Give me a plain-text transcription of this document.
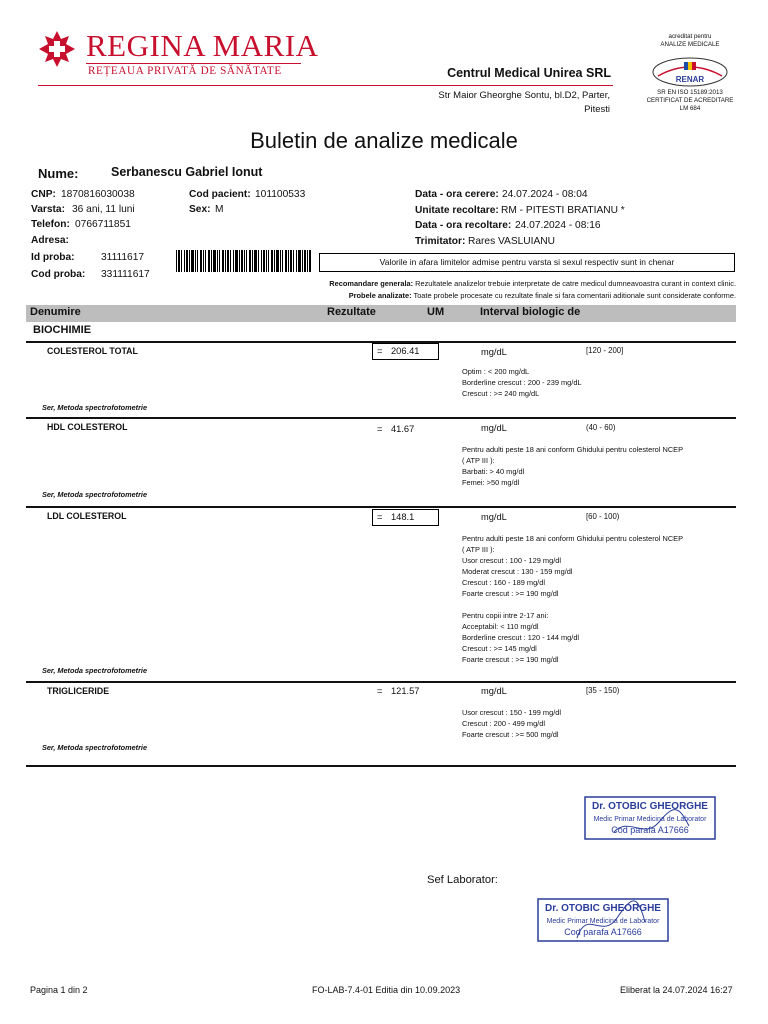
REGINA MARIA
REȚEAUA PRIVATĂ DE SĂNĂTATE	Centrul Medical Unirea SRL
Str Maior Gheorghe Sontu, bl.D2, Parter,
Pitesti
acreditat pentru
ANALIZE MEDICALE
RENAR
SR EN ISO 15189:2013
CERTIFICAT DE ACREDITARE
LM 684
Buletin de analize medicale
Nume:	Serbanescu Gabriel Ionut
CNP: 1870816030038
Varsta: 36 ani, 11 luni
Telefon: 0766711851
Adresa:
Id proba:	31111617
Cod proba: 331111617
Cod pacient: 101100533
Sex: M
Data - ora cerere: 24.07.2024 - 08:04
Unitate recoltare: RM - PITESTI BRATIANU *
Data - ora recoltare: 24.07.2024 - 08:16
Trimitator: Rares VASLUIANU
Valorile in afara limitelor admise pentru varsta si sexul respectiv sunt in chenar
Recomandare generala: Rezultatele analizelor trebuie interpretate de catre medicul dumneavoastra curant in context clinic.
Probele analizate: Toate probele procesate cu rezultate finale si fara comentarii aditionale sunt considerate conforme.
Denumire	Rezultate	UM	Interval biologic de
BIOCHIMIE
COLESTEROL TOTAL	= 206.41	mg/dL	[120 - 200]
Optim : < 200 mg/dL
Borderline crescut : 200 - 239 mg/dL
Crescut : >= 240 mg/dL
Ser, Metoda spectrofotometrie
HDL COLESTEROL	= 41.67	mg/dL	(40 - 60)
Pentru adulti peste 18 ani conform Ghidului pentru colesterol NCEP
( ATP III ):
Barbati: > 40 mg/dl
Femei: >50 mg/dl
Ser, Metoda spectrofotometrie
LDL COLESTEROL	= 148.1	mg/dL	[60 - 100)
Pentru adulti peste 18 ani conform Ghidului pentru colesterol NCEP
( ATP III ):
Usor crescut : 100 - 129 mg/dl
Moderat crescut : 130 - 159 mg/dl
Crescut : 160 - 189 mg/dl
Foarte crescut : >= 190 mg/dl
Pentru copii intre 2-17 ani:
Acceptabil: < 110 mg/dl
Borderline crescut : 120 - 144 mg/dl
Crescut : >= 145 mg/dl
Foarte crescut : >= 190 mg/dl
Ser, Metoda spectrofotometrie
TRIGLICERIDE	= 121.57	mg/dL	[35 - 150)
Usor crescut : 150 - 199 mg/dl
Crescut : 200 - 499 mg/dl
Foarte crescut : >= 500 mg/dl
Ser, Metoda spectrofotometrie
Dr. OTOBIC GHEORGHE
Medic Primar Medicina de Laborator
Cod parafa A17666
Sef Laborator:
Dr. OTOBIC GHEORGHE
Medic Primar Medicina de Laborator
Cod parafa A17666
Pagina 1 din 2	FO-LAB-7.4-01 Editia din 10.09.2023	Eliberat la 24.07.2024 16:27
